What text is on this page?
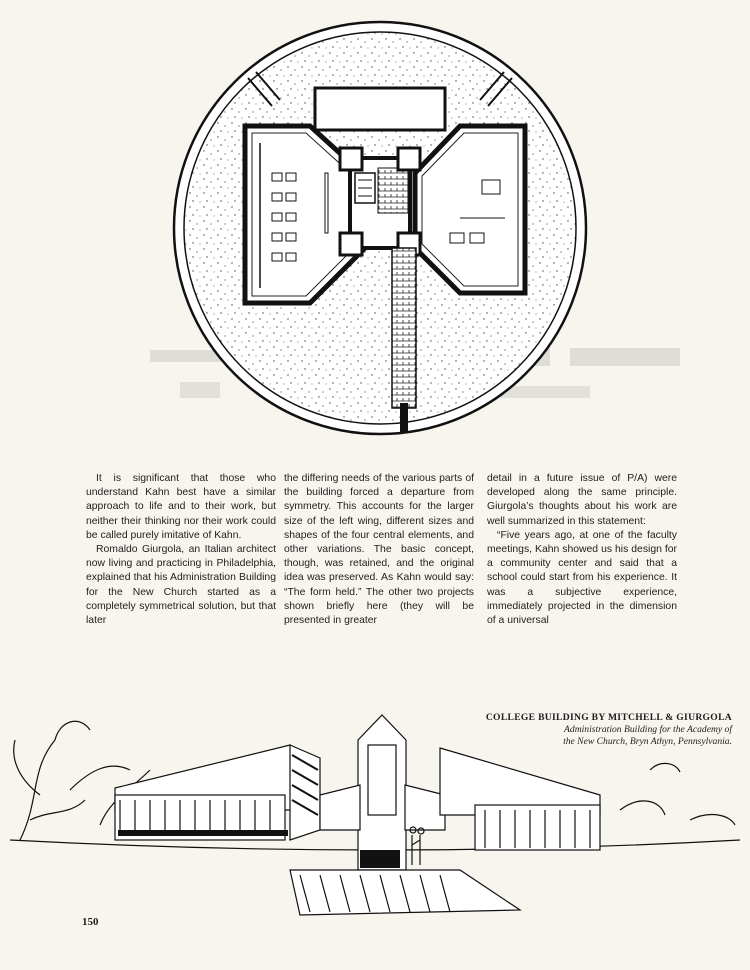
It is significant that those who understand Kahn best have a similar approach to life and to their work, but neither their thinking nor their work could be called purely imitative of Kahn.

Romaldo Giurgola, an Italian architect now living and practicing in Philadelphia, explained that his Administration Building for the New Church started as a completely symmetrical solution, but that later

the differing needs of the various parts of the building forced a departure from symmetry. This accounts for the larger size of the left wing, different sizes and shapes of the four central elements, and other variations. The basic concept, though, was retained, and the original idea was preserved. As Kahn would say: “The form held.” The other two projects shown briefly here (they will be presented in greater

detail in a future issue of P/A) were developed along the same principle. Giurgola’s thoughts about his work are well summarized in this statement:

“Five years ago, at one of the faculty meetings, Kahn showed us his design for a community center and said that a school could start from his experience. It was a subjective experience, immediately projected in the dimension of a universal

COLLEGE BUILDING BY MITCHELL & GIURGOLA
Administration Building for the Academy of
the New Church, Bryn Athyn, Pennsylvania.
150
